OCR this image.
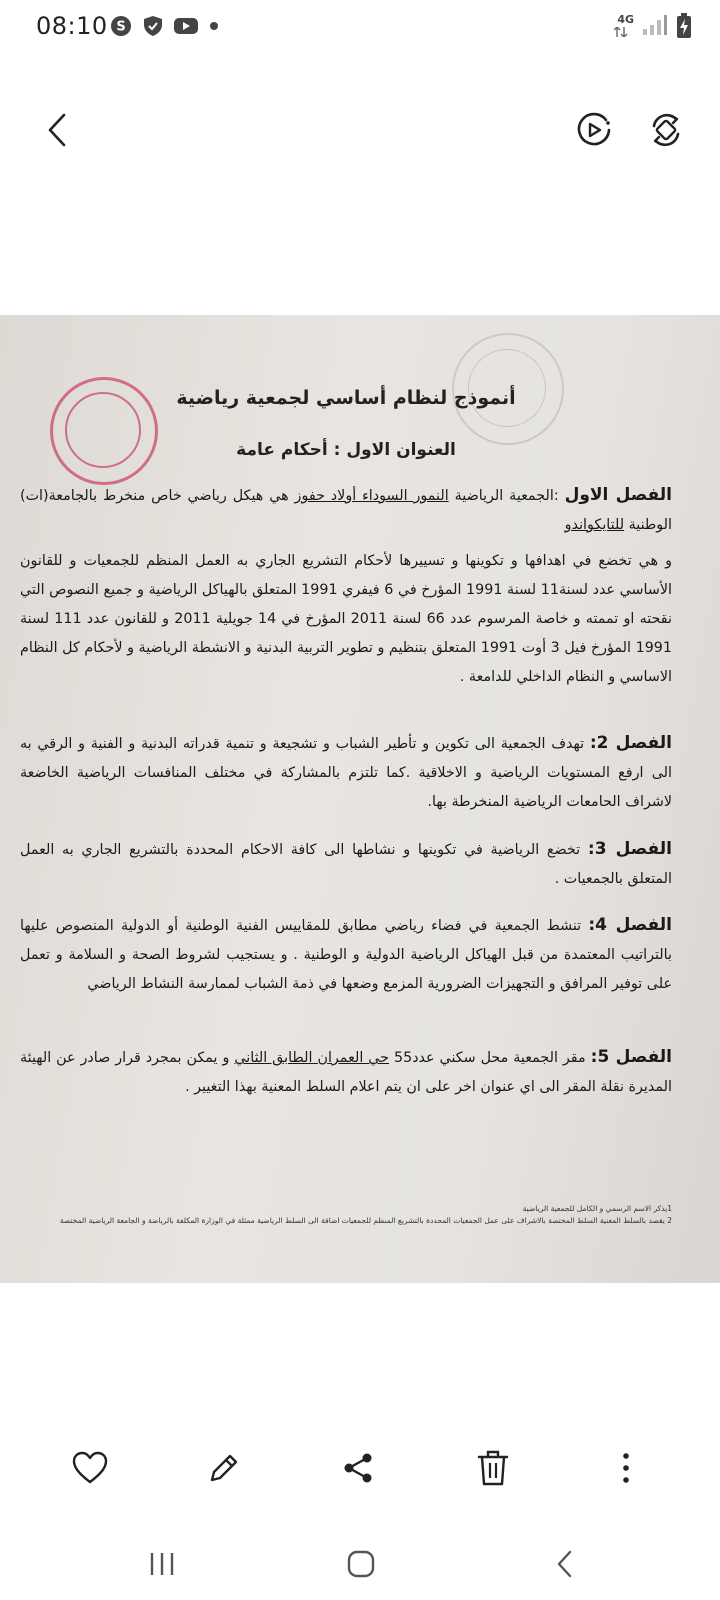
08:10 S	4G
أنموذج لنظام أساسي لجمعية رياضية
العنوان الاول : أحكام عامة
الفصل الاول :الجمعية الرياضية النمور السوداء أولاد حفوز هي هيكل رياضي خاص منخرط بالجامعة(ات) الوطنية للتايكواندو
و هي تخضع في اهدافها و تكوينها و تسييرها لأحكام التشريع الجاري به العمل المنظم للجمعيات و للقانون الأساسي عدد لسنة11 لسنة 1991 المؤرخ في 6 فيفري 1991 المتعلق بالهياكل الرياضية و جميع النصوص التي نقحته او تممته و خاصة المرسوم عدد 66 لسنة 2011 المؤرخ في 14 جويلية 2011 و للقانون عدد 111 لسنة 1991 المؤرخ فيل 3 أوت 1991 المتعلق بتنظيم و تطوير التربية البدنية و الانشطة الرياضية و لأحكام كل النظام الاساسي و النظام الداخلي للدامعة .
الفصل 2: تهدف الجمعية الى تكوين و تأطير الشباب و تشجيعة و تنمية قدراته البدنية و الفنية و الرقي به الى ارفع المستويات الرياضية و الاخلاقية .كما تلتزم بالمشاركة في مختلف المنافسات الرياضية الخاضعة لاشراف الحامعات الرياضية المنخرطة بها.
الفصل 3: تخضع الرياضية في تكوينها و نشاطها الى كافة الاحكام المحددة بالتشريع الجاري به العمل المتعلق بالجمعيات .
الفصل 4: تنشط الجمعية في فضاء رياضي مطابق للمقاييس الفنية الوطنية أو الدولية المنصوص عليها بالتراتيب المعتمدة من قبل الهياكل الرياضية الدولية و الوطنية . و يستجيب لشروط الصحة و السلامة و تعمل على توفير المرافق و التجهيزات الضرورية المزمع وضعها في ذمة الشباب لممارسة النشاط الرياضي
الفصل 5: مقر الجمعية محل سكني عدد55 حي العمران الطابق الثاني و يمكن بمجرد قرار صادر عن الهيئة المديرة نقلة المقر الى اي عنوان اخر على ان يتم اعلام السلط المعنية بهذا التغيير .
1يذكر الاسم الرسمي و الكامل للجمعية الرياضية
2 يقصد بالسلط المعنية السلط المختصة بالاشراف على عمل الجمعيات المحددة بالتشريع المنظم للجمعيات اضافة الى السلط الرياضية ممثلة في الوزارة المكلفة بالرياضة و الجامعة الرياضية المختصة
